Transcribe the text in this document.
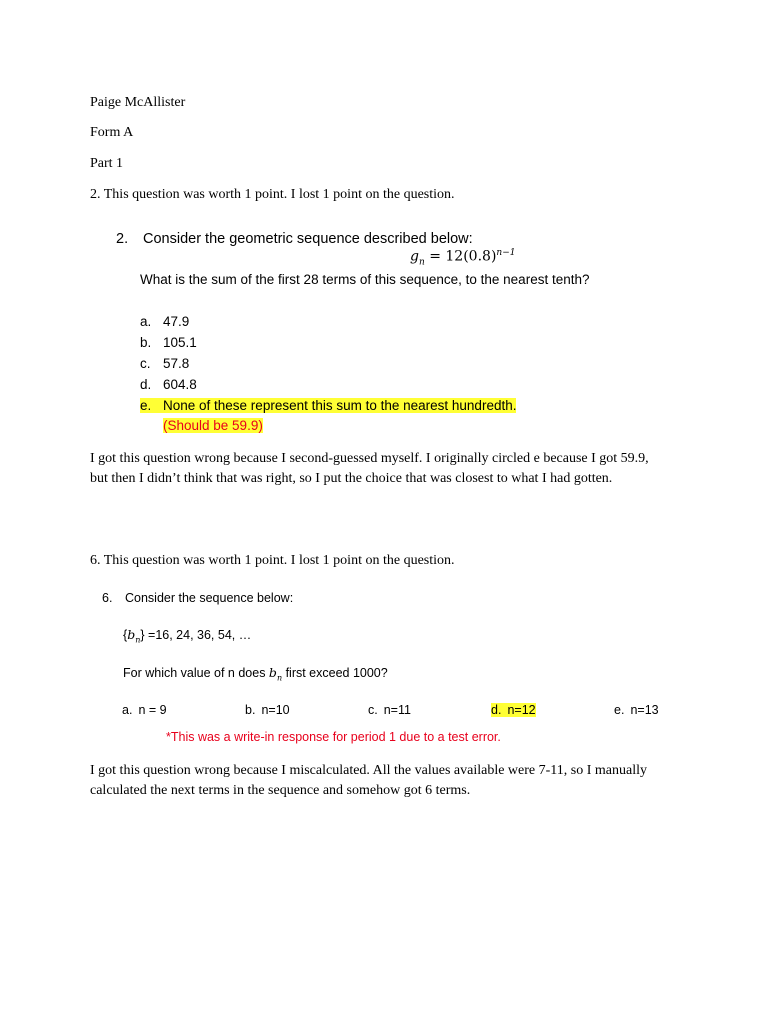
Paige McAllister

Form A

Part 1

2. This question was worth 1 point. I lost 1 point on the question.

2. Consider the geometric sequence described below:
$g_n = 12(0.8)^{n-1}$
What is the sum of the first 28 terms of this sequence, to the nearest tenth?
a. 47.9
b. 105.1
c. 57.8
d. 604.8
e. None of these represent this sum to the nearest hundredth.
(Should be 59.9)

I got this question wrong because I second-guessed myself. I originally circled e because I got 59.9, but then I didn’t think that was right, so I put the choice that was closest to what I had gotten.

6. This question was worth 1 point. I lost 1 point on the question.

6. Consider the sequence below:
$\{b_n\} =16$, 24, 36, 54, …
For which value of n does $b_n$ first exceed 1000?
a. n = 9	b. n=10	c. n=11	d. n=12	e. n=13
*This was a write-in response for period 1 due to a test error.

I got this question wrong because I miscalculated. All the values available were 7-11, so I manually calculated the next terms in the sequence and somehow got 6 terms.
